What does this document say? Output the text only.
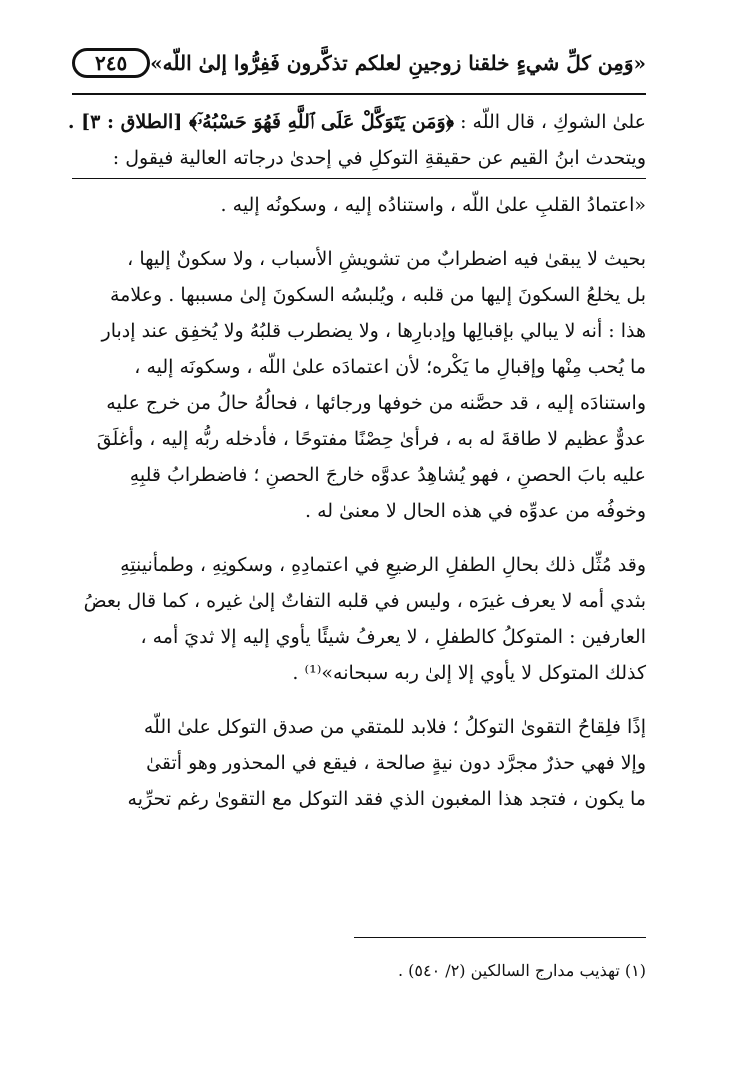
«وَمِن كلِّ شيءٍ خلقنا زوجينِ لعلكم تذكَّرون فَفِرُّوا إلىٰ اللّه»
٢٤٥
علىٰ الشوكِ ، قال اللّه : ﴿وَمَن يَتَوَكَّلْ عَلَى ٱللَّهِ فَهُوَ حَسْبُهُۥٓ﴾ [الطلاق : ٣] .
ويتحدث ابنُ القيم عن حقيقةِ التوكلِ في إحدىٰ درجاته العالية فيقول :
«اعتمادُ القلبِ علىٰ اللّه ، واستنادُه إليه ، وسكونُه إليه .
بحيث لا يبقىٰ فيه اضطرابٌ من تشويشِ الأسباب ، ولا سكونٌ إليها ،
بل يخلعُ السكونَ إليها من قلبه ، ويُلبسُه السكونَ إلىٰ مسببها . وعلامة
هذا : أنه لا يبالي بإقبالِها وإدبارِها ، ولا يضطرب قلبُهُ ولا يُخفِق عند إدبار
ما يُحب مِنْها وإقبالِ ما يَكْره؛ لأن اعتمادَه علىٰ اللّه ، وسكونَه إليه ،
واستنادَه إليه ، قد حصَّنه من خوفها ورجائها ، فحالُهُ حالُ من خرج عليه
عدوٌّ عظيم لا طاقةَ له به ، فرأىٰ حِصْنًا مفتوحًا ، فأدخله ربُّه إليه ، وأغلَقَ
عليه بابَ الحصنِ ، فهو يُشاهِدُ عدوَّه خارجَ الحصنِ ؛ فاضطرابُ قلبِهِ
وخوفُه من عدوِّه في هذه الحال لا معنىٰ له .
وقد مُثِّل ذلك بحالِ الطفلِ الرضيعِ في اعتمادِهِ ، وسكونِهِ ، وطمأنينتِهِ
بثدي أمه لا يعرف غيرَه ، وليس في قلبه التفاتٌ إلىٰ غيره ، كما قال بعضُ
العارفين : المتوكلُ كالطفلِ ، لا يعرفُ شيئًا يأوي إليه إلا ثديَ أمه ،
كذلك المتوكل لا يأوي إلا إلىٰ ربه سبحانه»⁽¹⁾ .
إذًا فلِقاحُ التقوىٰ التوكلُ ؛ فلابد للمتقي من صدق التوكل علىٰ اللّه
وإلا فهي حذرٌ مجرَّد دون نيةٍ صالحة ، فيقع في المحذور وهو أتقىٰ
ما يكون ، فتجد هذا المغبون الذي فقد التوكل مع التقوىٰ رغم تحرِّيه
(١) تهذيب مدارج السالكين (٢/ ٥٤٠) .
